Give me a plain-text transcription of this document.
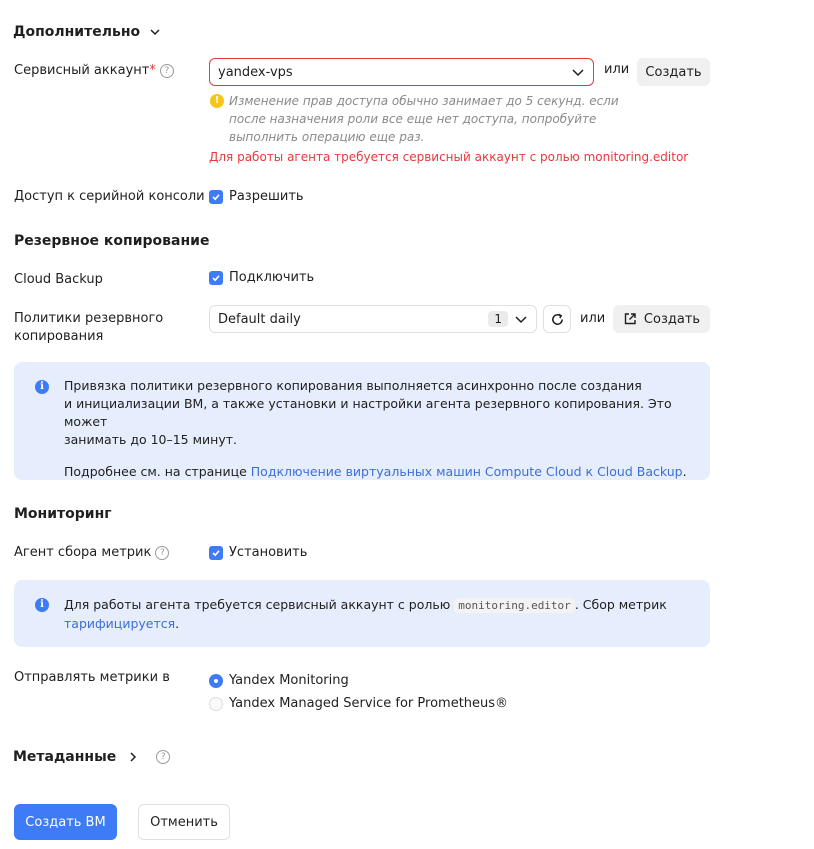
Дополнительно
Сервисный аккаунт* ?	yandex-vps	или	Создать
! Изменение прав доступа обычно занимает до 5 секунд. если
после назначения роли все еще нет доступа, попробуйте
выполнить операцию еще раз.
Для работы агента требуется сервисный аккаунт с ролью monitoring.editor
Доступ к серийной консоли	Разрешить
Резервное копирование
Cloud Backup	Подключить
Политики резервного
копирования
Default daily	1	или	Создать
i	Привязка политики резервного копирования выполняется асинхронно после создания
и инициализации ВМ, а также установки и настройки агента резервного копирования. Это может
занимать до 10–15 минут.
Подробнее см. на странице Подключение виртуальных машин Compute Cloud к Cloud Backup.
Мониторинг
Агент сбора метрик ?	Установить
i	Для работы агента требуется сервисный аккаунт с ролью monitoring.editor . Сбор метрик
тарифицируется.
Отправлять метрики в	Yandex Monitoring
Yandex Managed Service for Prometheus®
Метаданные	?
Создать ВМ	Отменить
